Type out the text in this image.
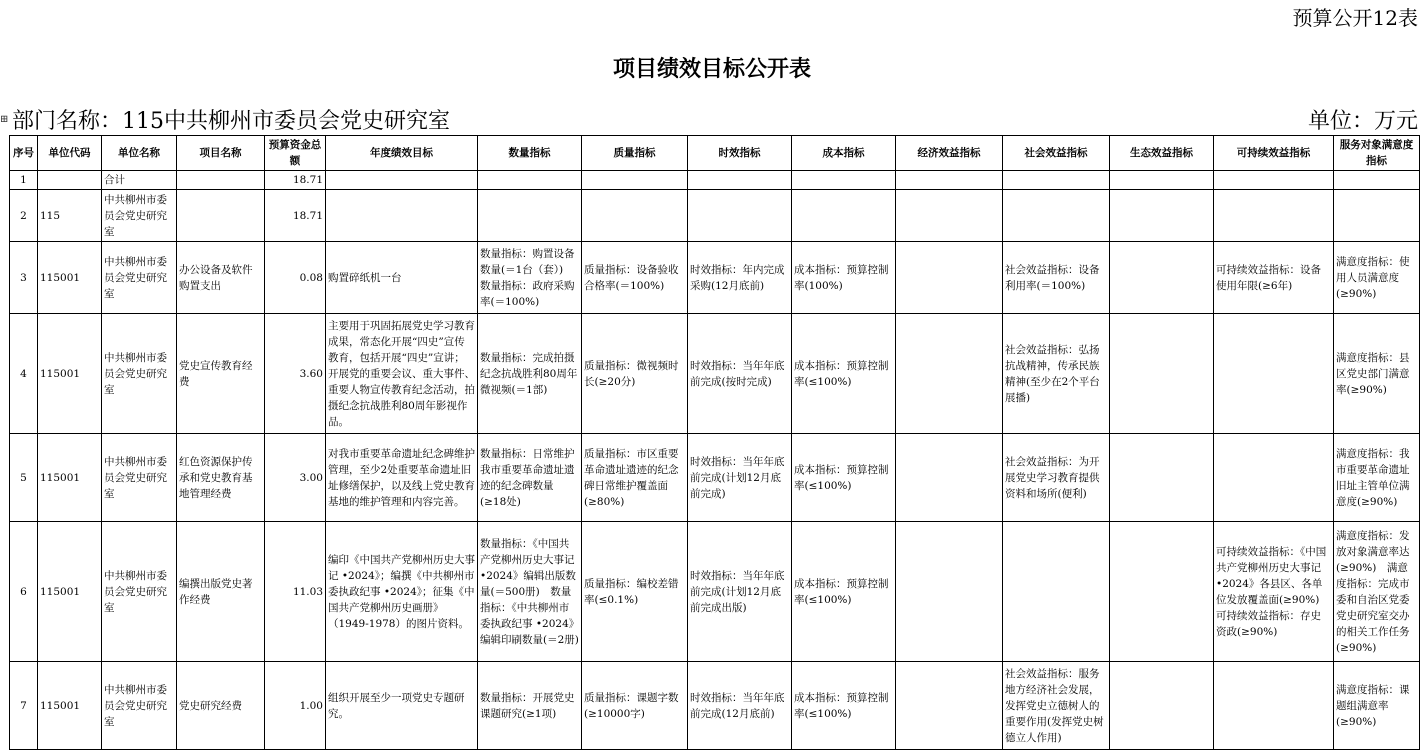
预算公开12表
项目绩效目标公开表
⊞ 部门名称：115中共柳州市委员会党史研究室	单位：万元
序号	单位代码	单位名称	项目名称	预算资金总额	年度绩效目标	数量指标	质量指标	时效指标	成本指标	经济效益指标	社会效益指标	生态效益指标	可持续效益指标	服务对象满意度指标
1		合计		18.71										
2	115	中共柳州市委员会党史研究室		18.71										
3	115001	中共柳州市委员会党史研究室	办公设备及软件购置支出	0.08	购置碎纸机一台	数量指标：购置设备数量(＝1台（套）)　数量指标：政府采购率(＝100%)	质量指标：设备验收合格率(＝100%)	时效指标：年内完成采购(12月底前)	成本指标：预算控制率(100%)		社会效益指标：设备利用率(＝100%)		可持续效益指标：设备使用年限(≥6年)	满意度指标：使用人员满意度(≥90%)
4	115001	中共柳州市委员会党史研究室	党史宣传教育经费	3.60	主要用于巩固拓展党史学习教育成果，常态化开展“四史”宣传教育，包括开展“四史”宣讲；开展党的重要会议、重大事件、重要人物宣传教育纪念活动，拍摄纪念抗战胜利80周年影视作品。	数量指标：完成拍摄纪念抗战胜利80周年微视频(＝1部)	质量指标：微视频时长(≥20分)	时效指标：当年年底前完成(按时完成)	成本指标：预算控制率(≤100%)		社会效益指标：弘扬抗战精神，传承民族精神(至少在2个平台展播)			满意度指标：县区党史部门满意率(≥90%)
5	115001	中共柳州市委员会党史研究室	红色资源保护传承和党史教育基地管理经费	3.00	对我市重要革命遗址纪念碑维护管理，至少2处重要革命遗址旧址修缮保护，以及线上党史教育基地的维护管理和内容完善。	数量指标：日常维护我市重要革命遗址遗迹的纪念碑数量(≥18处)	质量指标：市区重要革命遗址遗迹的纪念碑日常维护覆盖面(≥80%)	时效指标：当年年底前完成(计划12月底前完成)	成本指标：预算控制率(≤100%)		社会效益指标：为开展党史学习教育提供资料和场所(便利)			满意度指标：我市重要革命遗址旧址主管单位满意度(≥90%)
6	115001	中共柳州市委员会党史研究室	编撰出版党史著作经费	11.03	编印《中国共产党柳州历史大事记 •2024》；编撰《中共柳州市委执政纪事 •2024》；征集《中国共产党柳州历史画册》（1949-1978）的图片资料。	数量指标：《中国共产党柳州历史大事记 •2024》编辑出版数量(＝500册)　数量指标：《中共柳州市委执政纪事 •2024》编辑印刷数量(＝2册)	质量指标：编校差错率(≤0.1%)	时效指标：当年年底前完成(计划12月底前完成出版)	成本指标：预算控制率(≤100%)				可持续效益指标：《中国共产党柳州历史大事记 •2024》各县区、各单位发放覆盖面(≥90%)　可持续效益指标：存史资政(≥90%)	满意度指标：发放对象满意率达(≥90%)　满意度指标：完成市委和自治区党委党史研究室交办的相关工作任务(≥90%)
7	115001	中共柳州市委员会党史研究室	党史研究经费	1.00	组织开展至少一项党史专题研究。	数量指标：开展党史课题研究(≥1项)	质量指标：课题字数(≥10000字)	时效指标：当年年底前完成(12月底前)	成本指标：预算控制率(≤100%)		社会效益指标：服务地方经济社会发展，发挥党史立德树人的重要作用(发挥党史树德立人作用)			满意度指标：课题组满意率(≥90%)
